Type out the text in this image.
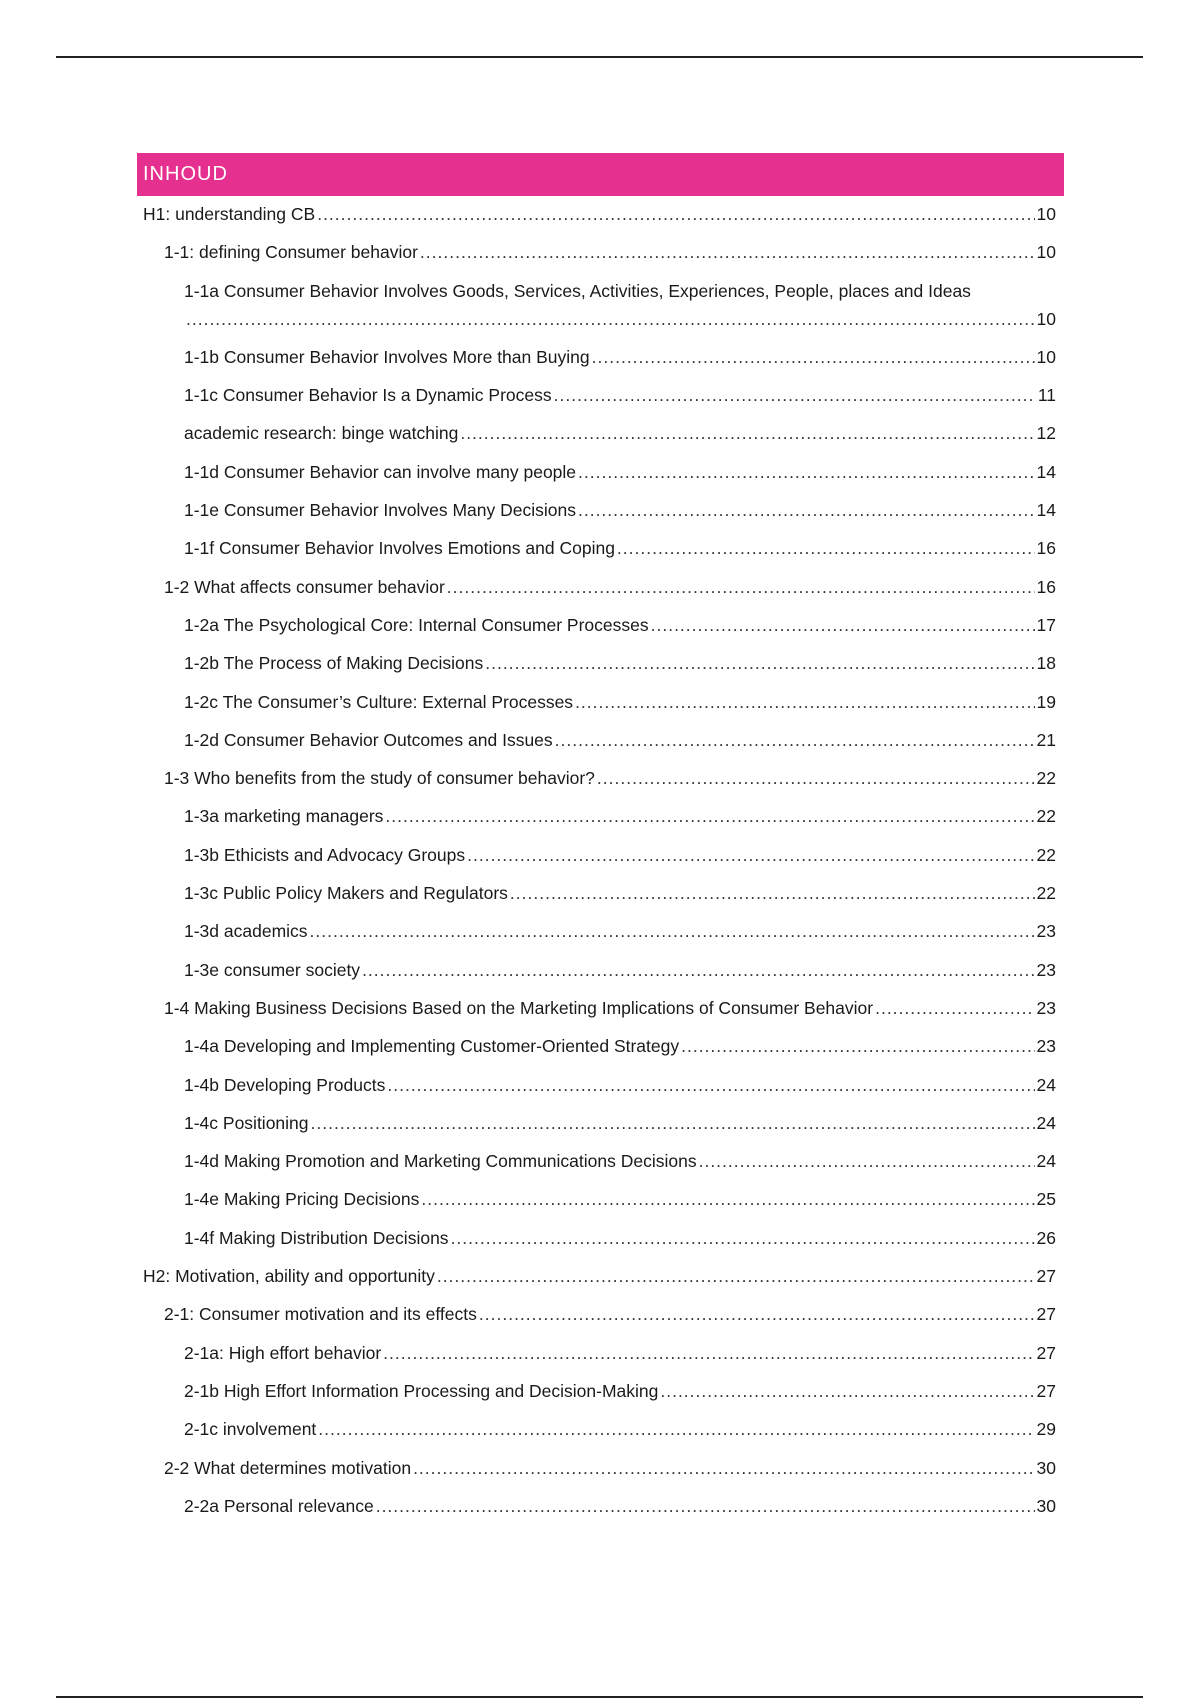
INHOUD
H1: understanding CB .....	10
1-1: defining Consumer behavior .....	10
1-1a Consumer Behavior Involves Goods, Services, Activities, Experiences, People, places and Ideas
.....
10
1-1b Consumer Behavior Involves More than Buying .....	10
1-1c Consumer Behavior Is a Dynamic Process .....	11
academic research: binge watching .....	12
1-1d Consumer Behavior can involve many people .....	14
1-1e Consumer Behavior Involves Many Decisions .....	14
1-1f Consumer Behavior Involves Emotions and Coping .....	16
1-2 What affects consumer behavior .....	16
1-2a The Psychological Core: Internal Consumer Processes .....	17
1-2b The Process of Making Decisions .....	18
1-2c The Consumer’s Culture: External Processes .....	19
1-2d Consumer Behavior Outcomes and Issues .....	21
1-3 Who benefits from the study of consumer behavior? .....	22
1-3a marketing managers .....	22
1-3b Ethicists and Advocacy Groups .....	22
1-3c Public Policy Makers and Regulators .....	22
1-3d academics .....	23
1-3e consumer society .....	23
1-4 Making Business Decisions Based on the Marketing Implications of Consumer Behavior .....	23
1-4a Developing and Implementing Customer-Oriented Strategy .....	23
1-4b Developing Products .....	24
1-4c Positioning .....	24
1-4d Making Promotion and Marketing Communications Decisions .....	24
1-4e Making Pricing Decisions .....	25
1-4f Making Distribution Decisions .....	26
H2: Motivation, ability and opportunity .....	27
2-1: Consumer motivation and its effects .....	27
2-1a: High effort behavior .....	27
2-1b High Effort Information Processing and Decision-Making .....	27
2-1c involvement .....	29
2-2 What determines motivation .....	30
2-2a Personal relevance .....	30
